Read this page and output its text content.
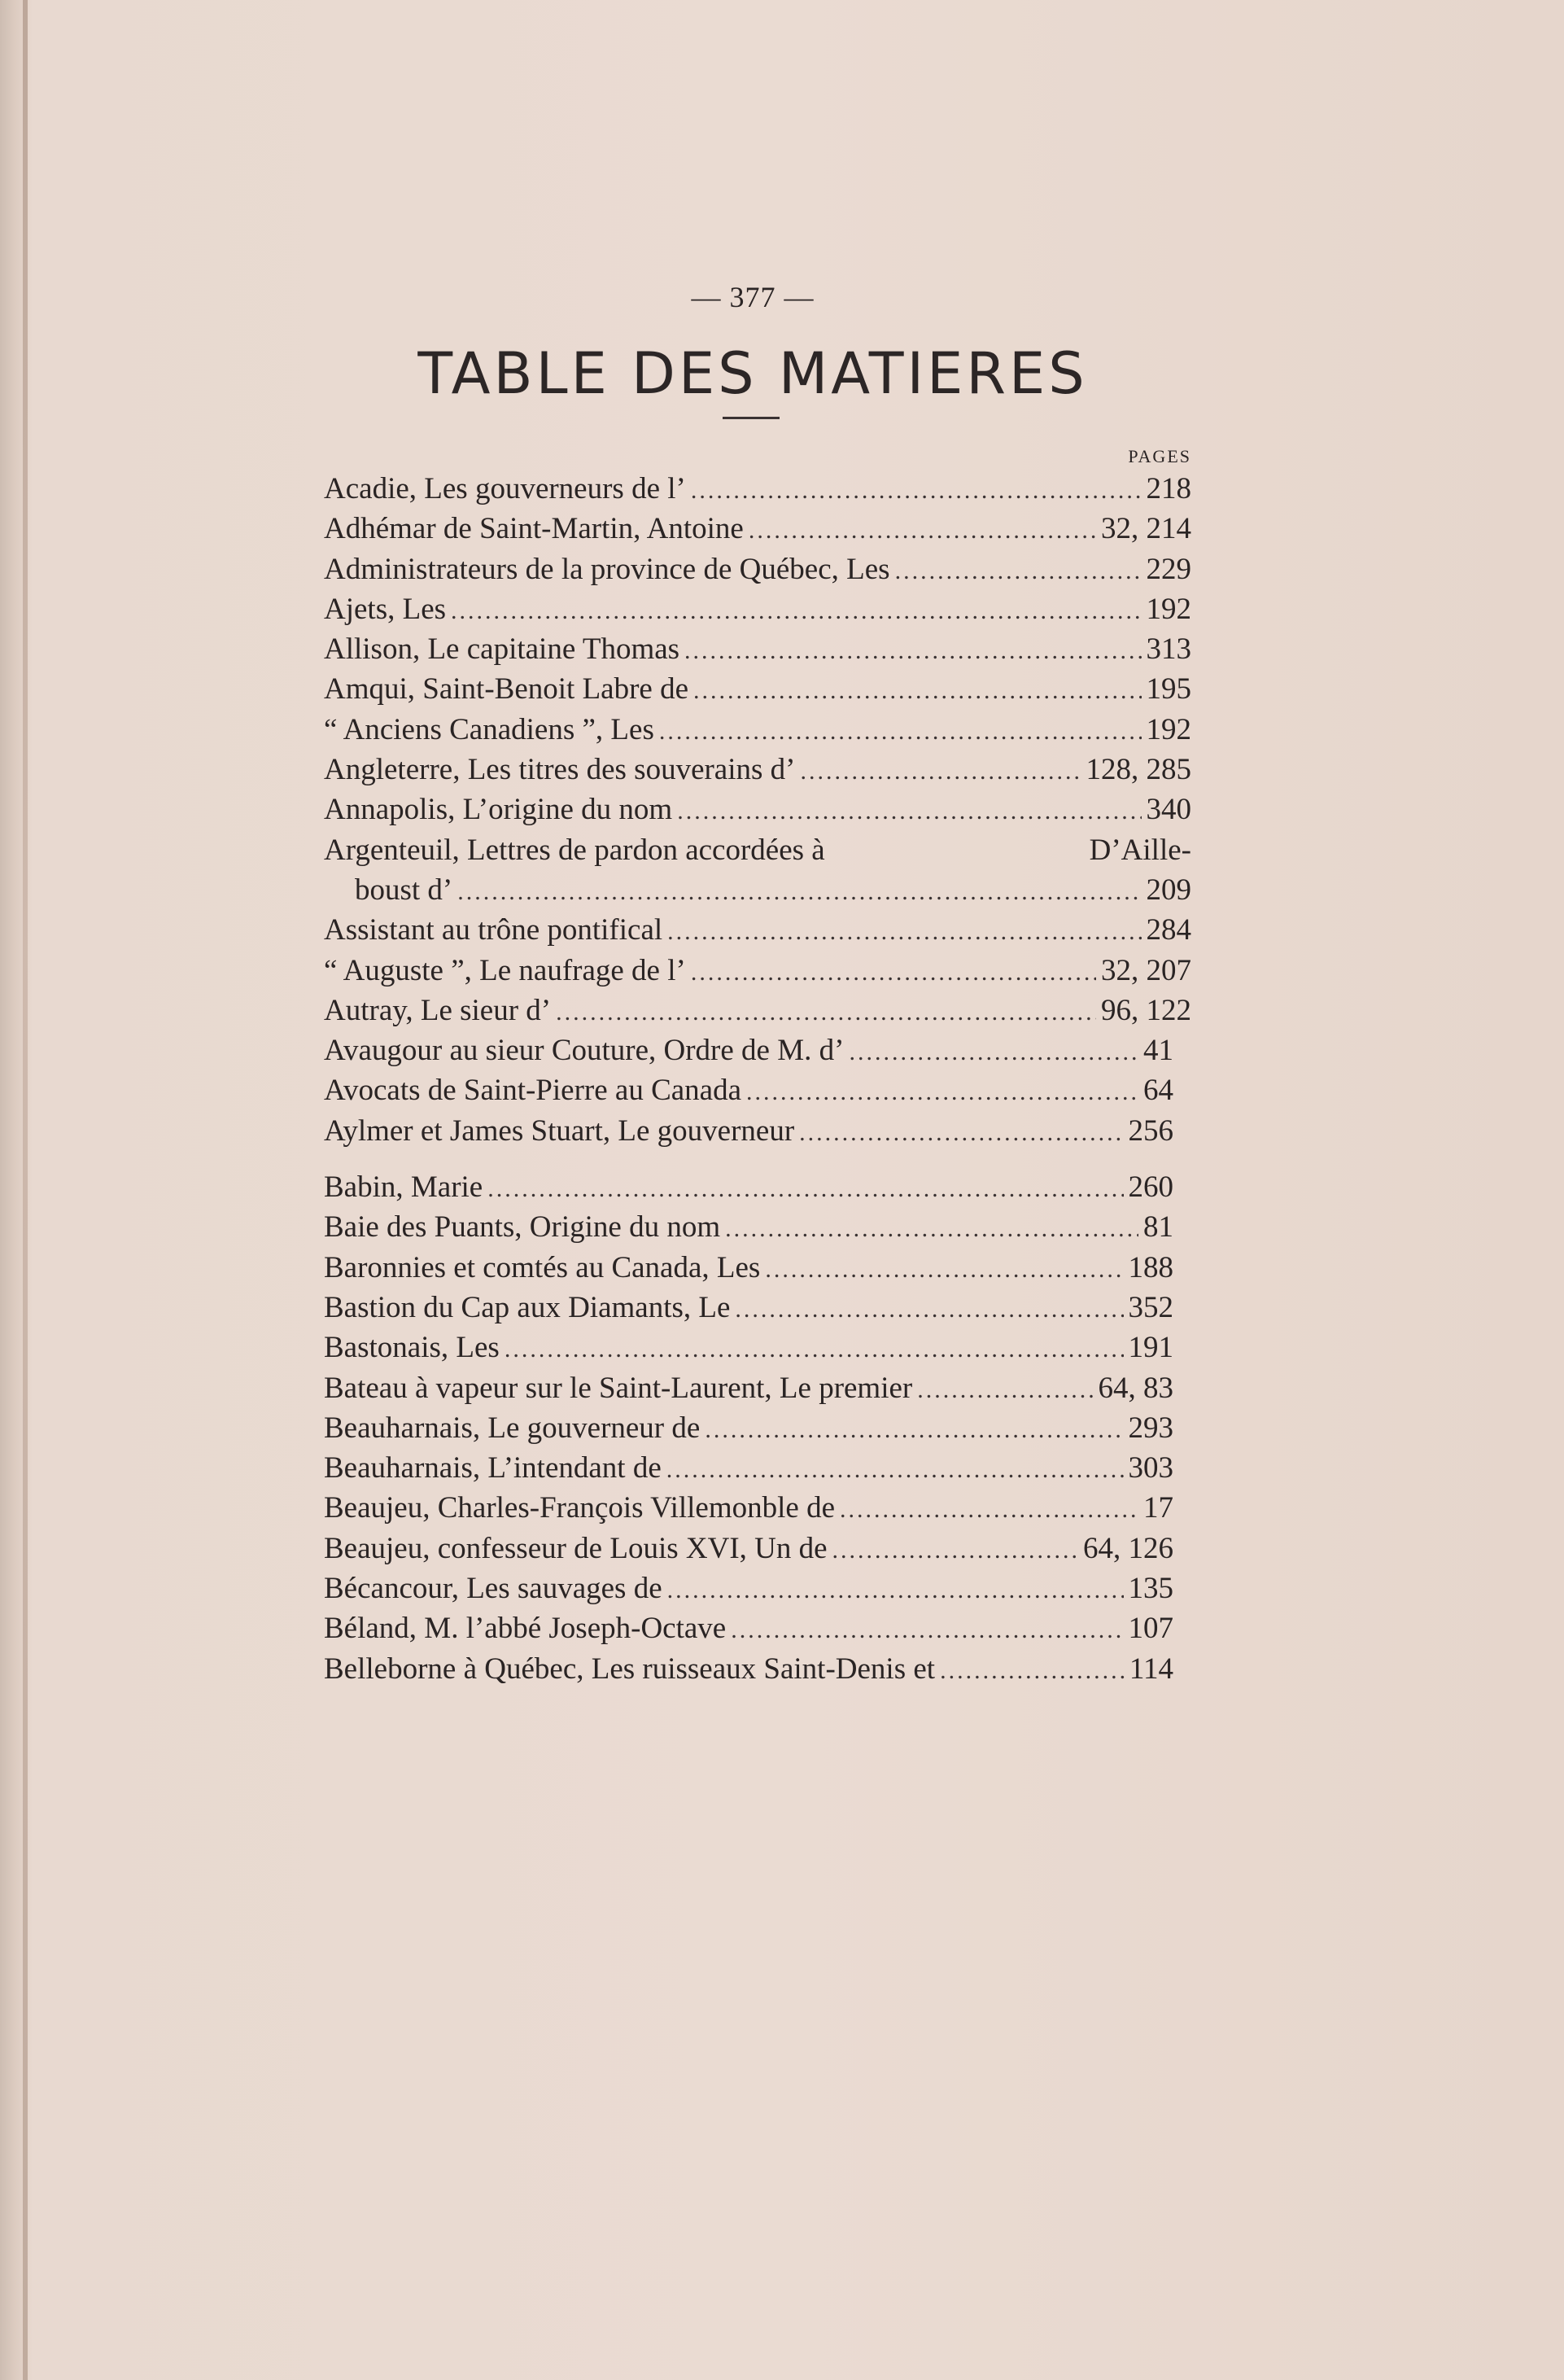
— 377 —
TABLE DES MATIERES
PAGES
Acadie, Les gouverneurs de l’ .....	218
Adhémar de Saint-Martin, Antoine .....	32, 214
Administrateurs de la province de Québec, Les .....	229
Ajets, Les .....	192
Allison, Le capitaine Thomas .....	313
Amqui, Saint-Benoit Labre de .....	195
“ Anciens Canadiens ”, Les .....	192
Angleterre, Les titres des souverains d’ .....	128, 285
Annapolis, L’origine du nom .....	340
Argenteuil, Lettres de pardon accordées à	D’Aille-
boust d’ .....	209
Assistant au trône pontifical .....	284
“ Auguste ”, Le naufrage de l’ .....	32, 207
Autray, Le sieur d’ .....	96, 122
Avaugour au sieur Couture, Ordre de M. d’ .....	41
Avocats de Saint-Pierre au Canada .....	64
Aylmer et James Stuart, Le gouverneur .....	256
Babin, Marie .....	260
Baie des Puants, Origine du nom .....	81
Baronnies et comtés au Canada, Les .....	188
Bastion du Cap aux Diamants, Le .....	352
Bastonais, Les .....	191
Bateau à vapeur sur le Saint-Laurent, Le premier .....	64, 83
Beauharnais, Le gouverneur de .....	293
Beauharnais, L’intendant de .....	303
Beaujeu, Charles-François Villemonble de .....	17
Beaujeu, confesseur de Louis XVI, Un de .....	64, 126
Bécancour, Les sauvages de .....	135
Béland, M. l’abbé Joseph-Octave .....	107
Belleborne à Québec, Les ruisseaux Saint-Denis et .....	114
